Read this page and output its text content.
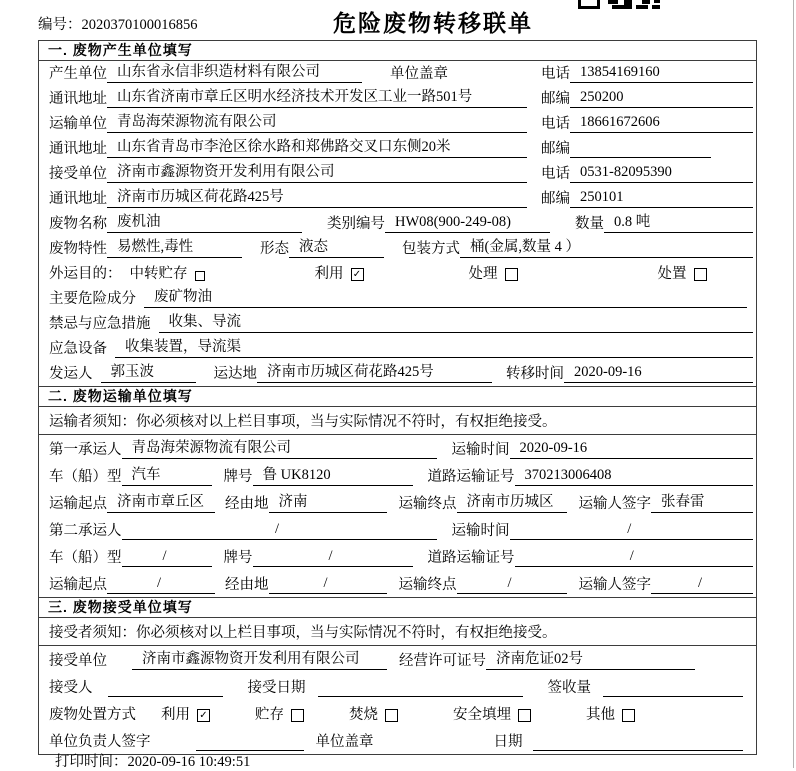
编号：2020370100016856	危险废物转移联单
一. 废物产生单位填写
产生单位 山东省永信非织造材料有限公司	单位盖章	电话 13854169160
通讯地址 山东省济南市章丘区明水经济技术开发区工业一路501号	邮编 250200
运输单位 青岛海荣源物流有限公司	电话 18661672606
通讯地址 山东省青岛市李沧区徐水路和郑佛路交叉口东侧20米	邮编
接受单位 济南市鑫源物资开发利用有限公司	电话 0531-82095390
通讯地址 济南市历城区荷花路425号	邮编 250101
废物名称 废机油	类别编号 HW08(900-249-08)	数量 0.8 吨
废物特性 易燃性,毒性	形态 液态	包装方式 桶(金属,数量 4 ）
外运目的： 中转贮存	利用 ✓	处理	处置
主要危险成分	废矿物油
禁忌与应急措施	收集、导流
应急设备	收集装置，导流渠
发运人	郭玉波	运达地 济南市历城区荷花路425号	转移时间 2020-09-16
二. 废物运输单位填写
运输者须知：你必须核对以上栏目事项，当与实际情况不符时，有权拒绝接受。
第一承运人 青岛海荣源物流有限公司	运输时间 2020-09-16
车（船）型 汽车	牌号 鲁 UK8120	道路运输证号 370213006408
运输起点 济南市章丘区	经由地 济南	运输终点 济南市历城区	运输人签字 张春雷
第二承运人	/	运输时间	/
车（船）型	/	牌号	/	道路运输证号	/
运输起点	/	经由地	/	运输终点	/	运输人签字	/
三. 废物接受单位填写
接受者须知：你必须核对以上栏目事项，当与实际情况不符时，有权拒绝接受。
接受单位	济南市鑫源物资开发利用有限公司	经营许可证号 济南危证02号
接受人	接受日期	签收量
废物处置方式 利用 ✓	贮存	焚烧	安全填埋	其他
单位负责人签字	单位盖章	日期
打印时间：2020-09-16 10:49:51
